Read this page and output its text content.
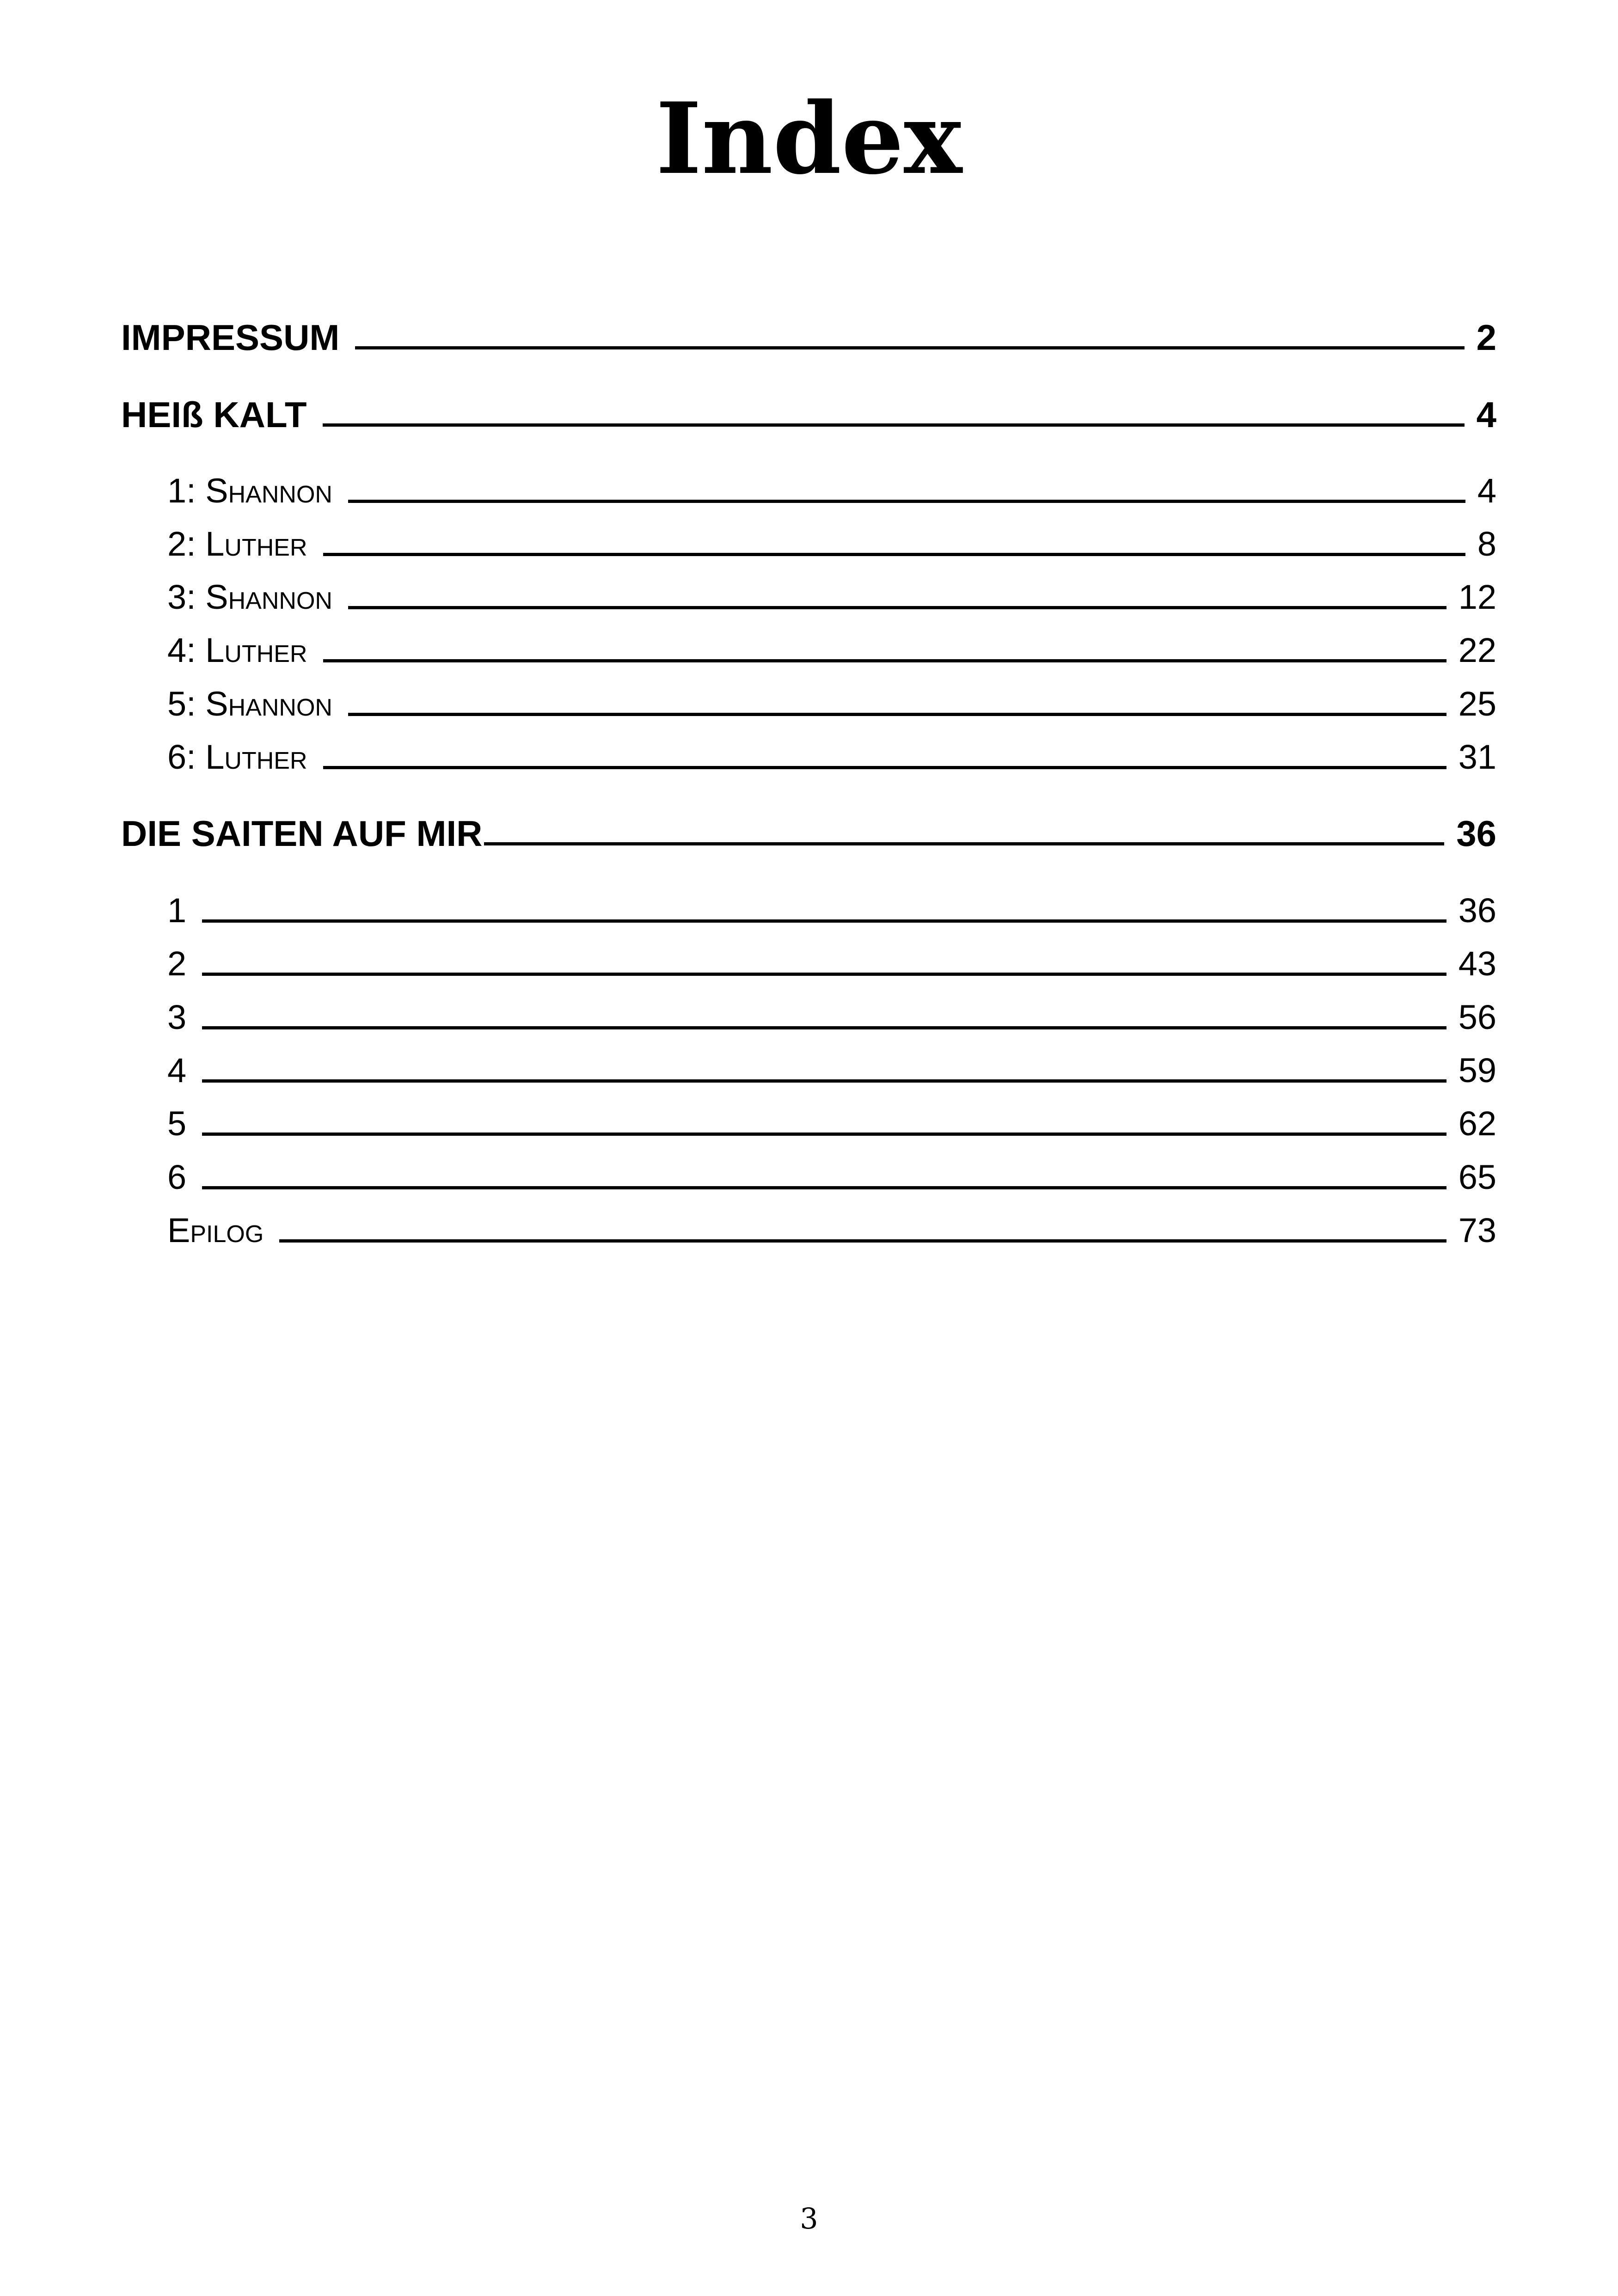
Index
IMPRESSUM	2
HEIß KALT	4
1: Shannon	4
2: Luther	8
3: Shannon	12
4: Luther	22
5: Shannon	25
6: Luther	31
DIE SAITEN AUF MIR	36
1	36
2	43
3	56
4	59
5	62
6	65
Epilog	73
3
